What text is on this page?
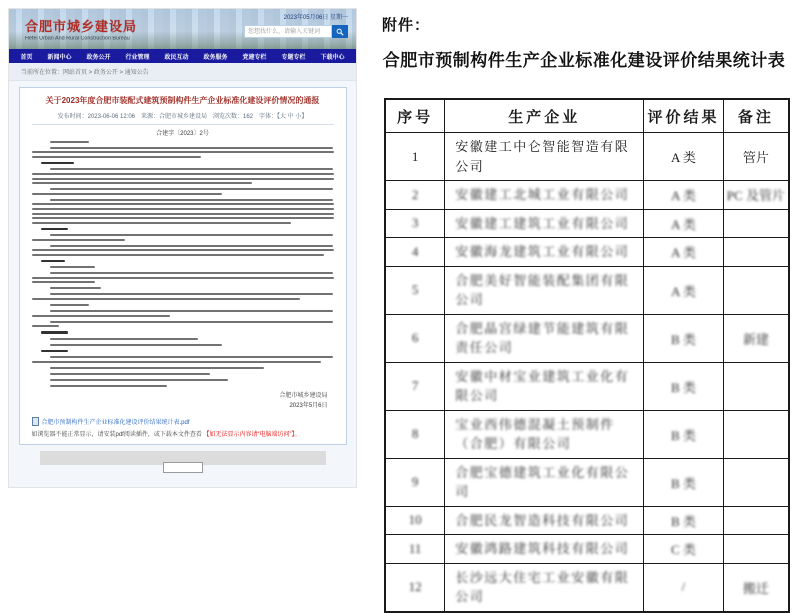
合肥市城乡建设局
Hefei Urban And Rural Construction Bureau
2023年05月06日 星期一
您想找什么，请输入关键词
首页 新闻中心 政务公开 行业管理 政民互动 政务服务 党建专栏 专题专栏 下载中心
当前所在位置：网站首页 > 政务公开 > 通知公告
关于2023年度合肥市装配式建筑预制构件生产企业标准化建设评价情况的通报
发布时间：2023-06-06 12:06　来源：合肥市城乡建设局　浏览次数：162　字体：【大 中 小】
合建字〔2023〕2号
合肥市城乡建设局
2023年5月6日
合肥市预制构件生产企业标准化建设评价结果统计表.pdf
如浏览器不能正常显示，请安装pdf阅读插件，或下载本文件查看 【如无法显示内容请“电脑端访问”】。
附件：
合肥市预制构件生产企业标准化建设评价结果统计表
序号	生产企业	评价结果	备注
1	安徽建工中仑智能智造有限公司	A 类	管片
2	安徽建工北城工业有限公司	A 类	PC 及管片
3	安徽建工建筑工业有限公司	A 类	
4	安徽海龙建筑工业有限公司	A 类	
5	合肥美好智能装配集团有限公司	A 类	
6	合肥晶宫绿建节能建筑有限责任公司	B 类	新建
7	安徽中材宝业建筑工业化有限公司	B 类	
8	宝业西伟德混凝土预制件（合肥）有限公司	B 类	
9	合肥宝德建筑工业化有限公司	B 类	
10	合肥民龙智造科技有限公司	B 类	
11	安徽鸿路建筑科技有限公司	C 类	
12	长沙远大住宅工业安徽有限公司	/	搬迁
